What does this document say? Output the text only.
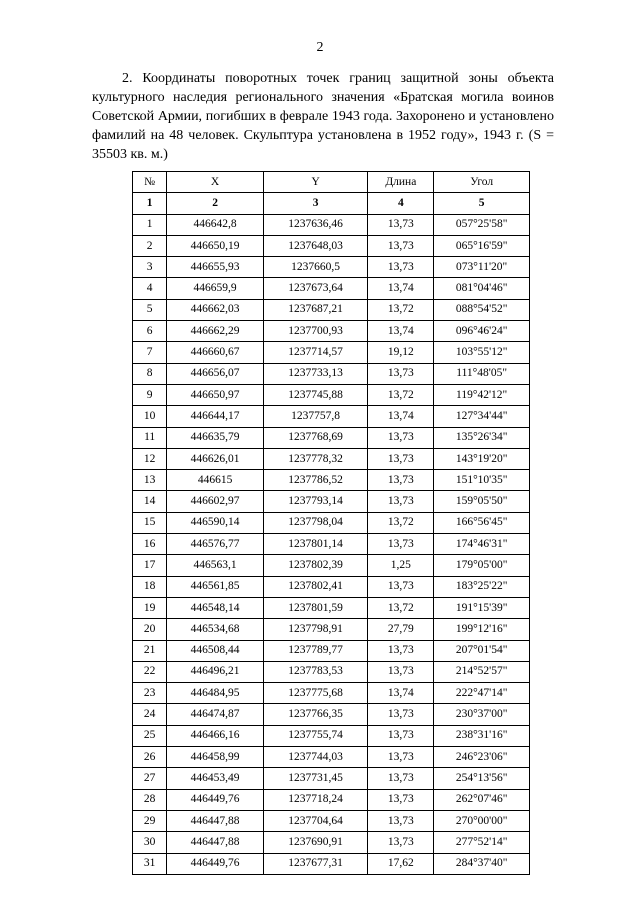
2

2. Координаты поворотных точек границ защитной зоны объекта культурного наследия регионального значения «Братская могила воинов Советской Армии, погибших в феврале 1943 года. Захоронено и установлено фамилий на 48 человек. Скульптура установлена в 1952 году», 1943 г. (S = 35503 кв. м.)

№	X	Y	Длина	Угол
1	2	3	4	5
1	446642,8	1237636,46	13,73	057°25'58"
2	446650,19	1237648,03	13,73	065°16'59"
3	446655,93	1237660,5	13,73	073°11'20"
4	446659,9	1237673,64	13,74	081°04'46"
5	446662,03	1237687,21	13,72	088°54'52"
6	446662,29	1237700,93	13,74	096°46'24"
7	446660,67	1237714,57	19,12	103°55'12"
8	446656,07	1237733,13	13,73	111°48'05"
9	446650,97	1237745,88	13,72	119°42'12"
10	446644,17	1237757,8	13,74	127°34'44"
11	446635,79	1237768,69	13,73	135°26'34"
12	446626,01	1237778,32	13,73	143°19'20"
13	446615	1237786,52	13,73	151°10'35"
14	446602,97	1237793,14	13,73	159°05'50"
15	446590,14	1237798,04	13,72	166°56'45"
16	446576,77	1237801,14	13,73	174°46'31"
17	446563,1	1237802,39	1,25	179°05'00"
18	446561,85	1237802,41	13,73	183°25'22"
19	446548,14	1237801,59	13,72	191°15'39"
20	446534,68	1237798,91	27,79	199°12'16"
21	446508,44	1237789,77	13,73	207°01'54"
22	446496,21	1237783,53	13,73	214°52'57"
23	446484,95	1237775,68	13,74	222°47'14"
24	446474,87	1237766,35	13,73	230°37'00"
25	446466,16	1237755,74	13,73	238°31'16"
26	446458,99	1237744,03	13,73	246°23'06"
27	446453,49	1237731,45	13,73	254°13'56"
28	446449,76	1237718,24	13,73	262°07'46"
29	446447,88	1237704,64	13,73	270°00'00"
30	446447,88	1237690,91	13,73	277°52'14"
31	446449,76	1237677,31	17,62	284°37'40"
